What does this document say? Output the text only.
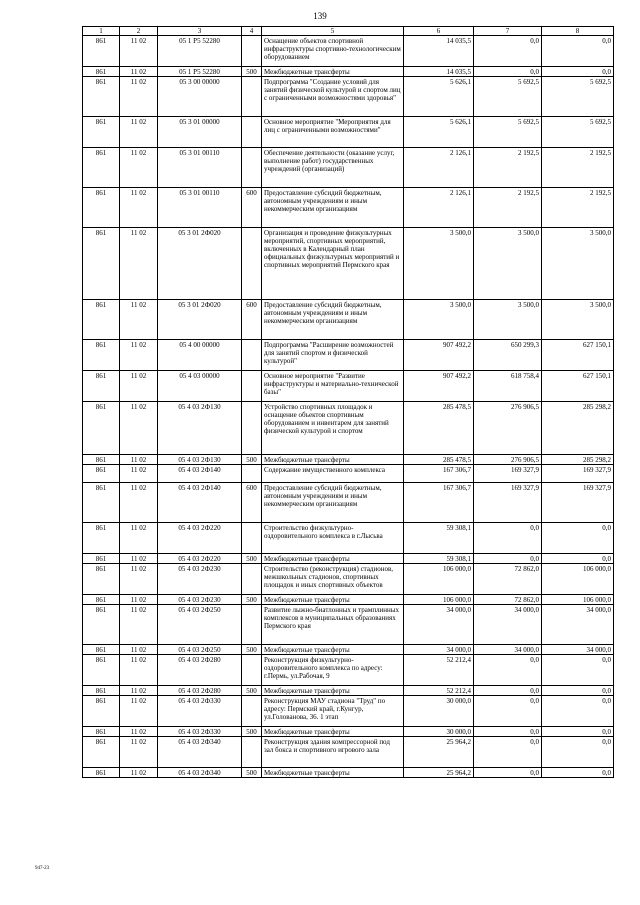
139
1	2	3	4	5	6	7	8
861	11 02	05 1 P5 52280		Оснащение объектов спортивной инфраструктуры спортивно-технологическим оборудованием	14 035,5	0,0	0,0
861	11 02	05 1 P5 52280	500	Межбюджетные трансферты	14 035,5	0,0	0,0
861	11 02	05 3 00 00000		Подпрограмма "Создание условий для занятий физической культурой и спортом лиц с ограниченными возможностями здоровья"	5 626,1	5 692,5	5 692,5
861	11 02	05 3 01 00000		Основное мероприятие "Мероприятия для лиц с ограниченными возможностями"	5 626,1	5 692,5	5 692,5
861	11 02	05 3 01 00110		Обеспечение деятельности (оказание услуг, выполнение работ) государственных учреждений (организаций)	2 126,1	2 192,5	2 192,5
861	11 02	05 3 01 00110	600	Предоставление субсидий бюджетным, автономным учреждениям и иным некоммерческим организациям	2 126,1	2 192,5	2 192,5
861	11 02	05 3 01 2Ф020		Организация и проведение физкультурных мероприятий, спортивных мероприятий, включенных в Календарный план официальных физкультурных мероприятий и спортивных мероприятий Пермского края	3 500,0	3 500,0	3 500,0
861	11 02	05 3 01 2Ф020	600	Предоставление субсидий бюджетным, автономным учреждениям и иным некоммерческим организациям	3 500,0	3 500,0	3 500,0
861	11 02	05 4 00 00000		Подпрограмма "Расширение возможностей для занятий спортом и физической культурой"	907 492,2	650 299,3	627 150,1
861	11 02	05 4 03 00000		Основное мероприятие "Развитие инфраструктуры и материально-технической базы"	907 492,2	618 758,4	627 150,1
861	11 02	05 4 03 2Ф130		Устройство спортивных площадок и оснащение объектов спортивным оборудованием и инвентарем для занятий физической культурой и спортом	285 478,5	276 906,5	285 298,2
861	11 02	05 4 03 2Ф130	500	Межбюджетные трансферты	285 478,5	276 906,5	285 298,2
861	11 02	05 4 03 2Ф140		Содержание имущественного комплекса	167 306,7	169 327,9	169 327,9
861	11 02	05 4 03 2Ф140	600	Предоставление субсидий бюджетным, автономным учреждениям и иным некоммерческим организациям	167 306,7	169 327,9	169 327,9
861	11 02	05 4 03 2Ф220		Строительство физкультурно-оздоровительного комплекса в г.Лысьва	59 308,1	0,0	0,0
861	11 02	05 4 03 2Ф220	500	Межбюджетные трансферты	59 308,1	0,0	0,0
861	11 02	05 4 03 2Ф230		Строительство (реконструкция) стадионов, межшкольных стадионов, спортивных площадок и иных спортивных объектов	106 000,0	72 862,0	106 000,0
861	11 02	05 4 03 2Ф230	500	Межбюджетные трансферты	106 000,0	72 862,0	106 000,0
861	11 02	05 4 03 2Ф250		Развитие лыжно-биатлонных и трамплинных комплексов в муниципальных образованиях Пермского края	34 000,0	34 000,0	34 000,0
861	11 02	05 4 03 2Ф250	500	Межбюджетные трансферты	34 000,0	34 000,0	34 000,0
861	11 02	05 4 03 2Ф280		Реконструкция физкультурно-оздоровительного комплекса по адресу: г.Пермь, ул.Рабочая, 9	52 212,4	0,0	0,0
861	11 02	05 4 03 2Ф280	500	Межбюджетные трансферты	52 212,4	0,0	0,0
861	11 02	05 4 03 2Ф330		Реконструкция МАУ стадиона "Труд" по адресу: Пермский край, г.Кунгур, ул.Голованова, 36. 1 этап	30 000,0	0,0	0,0
861	11 02	05 4 03 2Ф330	500	Межбюджетные трансферты	30 000,0	0,0	0,0
861	11 02	05 4 03 2Ф340		Реконструкция здания компрессорной под зал бокса и спортивного игрового зала	25 964,2	0,0	0,0
861	11 02	05 4 03 2Ф340	500	Межбюджетные трансферты	25 964,2	0,0	0,0
947-23
